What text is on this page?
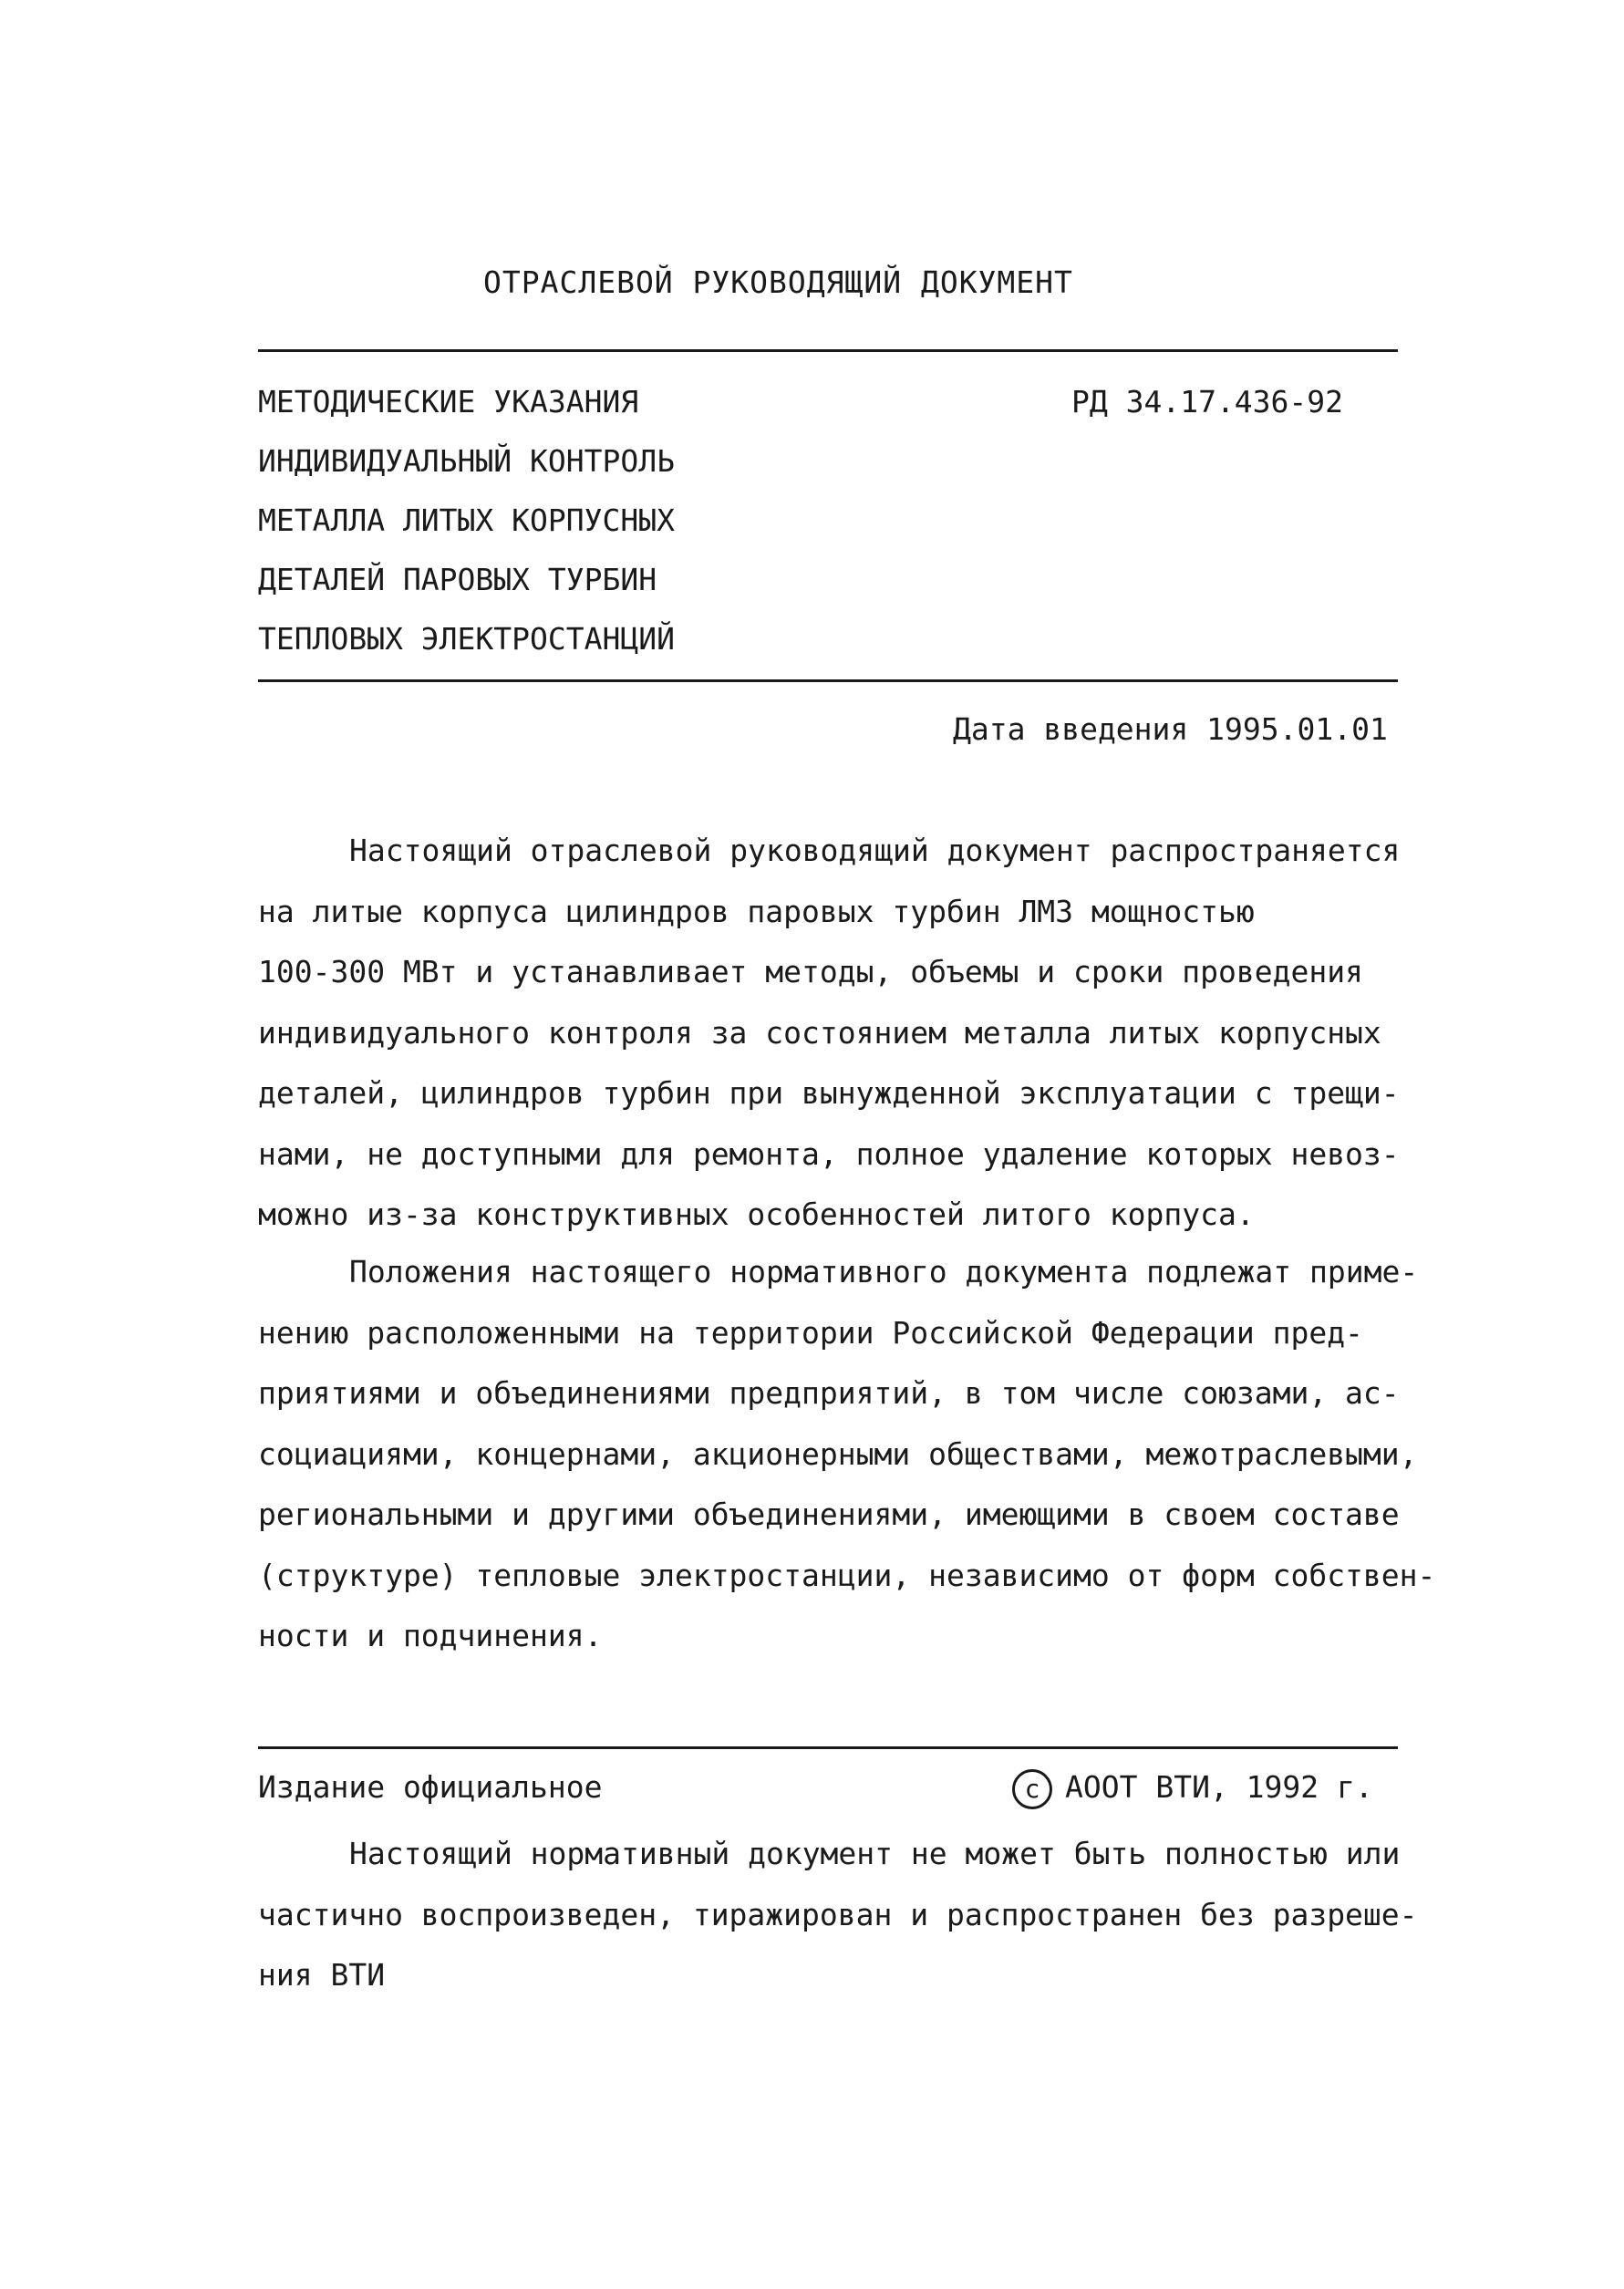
ОТРАСЛЕВОЙ РУКОВОДЯЩИЙ ДОКУМЕНТ
МЕТОДИЧЕСКИЕ УКАЗАНИЯ
ИНДИВИДУАЛЬНЫЙ КОНТРОЛЬ
МЕТАЛЛА ЛИТЫХ КОРПУСНЫХ
ДЕТАЛЕЙ ПАРОВЫХ ТУРБИН
ТЕПЛОВЫХ ЭЛЕКТРОСТАНЦИЙ
РД 34.17.436-92
Дата введения 1995.01.01
Настоящий отраслевой руководящий документ распространяется
на литые корпуса цилиндров паровых турбин ЛМЗ мощностью
100-300 МВт и устанавливает методы, объемы и сроки проведения
индивидуального контроля за состоянием металла литых корпусных
деталей, цилиндров турбин при вынужденной эксплуатации с трещи-
нами, не доступными для ремонта, полное удаление которых невоз-
можно из-за конструктивных особенностей литого корпуса.
Положения настоящего нормативного документа подлежат приме-
нению расположенными на территории Российской Федерации пред-
приятиями и объединениями предприятий, в том числе союзами, ас-
социациями, концернами, акционерными обществами, межотраслевыми,
региональными и другими объединениями, имеющими в своем составе
(структуре) тепловые электростанции, независимо от форм собствен-
ности и подчинения.
Издание официальное	c АООТ ВТИ, 1992 г.
Настоящий нормативный документ не может быть полностью или
частично воспроизведен, тиражирован и распространен без разреше-
ния ВТИ
